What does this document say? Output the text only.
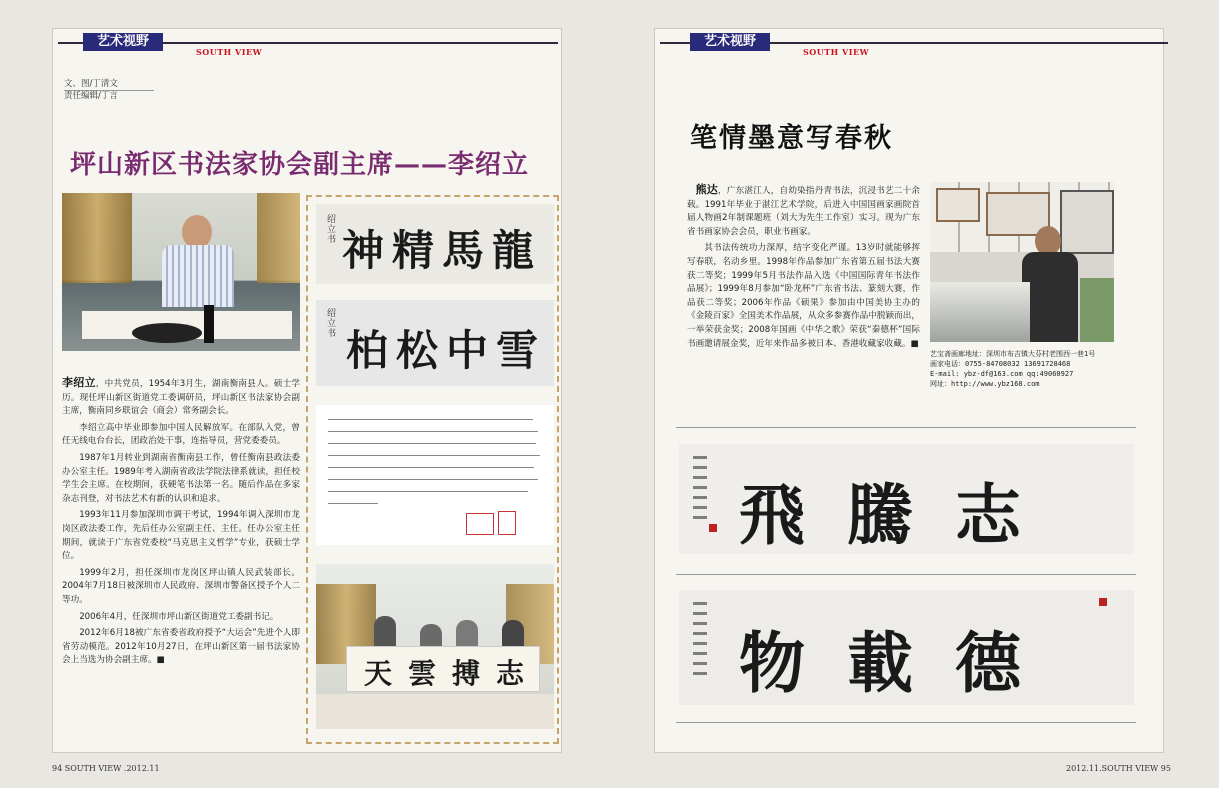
艺术视野
SOUTH VIEW
文、图/丁清文
责任编辑/丁言
坪山新区书法家协会副主席——李绍立

李绍立，中共党员，1954年3月生，湖南衡南县人。硕士学历。现任坪山新区街道党工委调研员，坪山新区书法家协会副主席，衡南同乡联谊会（商会）常务副会长。

李绍立高中毕业即参加中国人民解放军。在部队入党，曾任无线电台台长，团政治处干事，连指导员，营党委委员。

1987年1月转业到湖南省衡南县工作，曾任衡南县政法委办公室主任。1989年考入湖南省政法学院法律系就读，担任校学生会主席。在校期间，获硬笔书法第一名。随后作品在多家杂志刊登，对书法艺术有新的认识和追求。

1993年11月参加深圳市调干考试，1994年调入深圳市龙岗区政法委工作，先后任办公室副主任、主任。任办公室主任期间，就读于广东省党委校“马克思主义哲学”专业，获硕士学位。

1999年2月，担任深圳市龙岗区坪山镇人民武装部长。2004年7月18日被深圳市人民政府、深圳市警备区授予个人二等功。

2006年4月，任深圳市坪山新区街道党工委副书记。

2012年6月18被广东省委省政府授予“大运会”先进个人即省劳动模范。2012年10月27日，在坪山新区第一届书法家协会上当选为协会副主席。■

神精馬龍
绍立书
柏松中雪
绍立书
天雲搏志
94 SOUTH VIEW .2012.11
艺术视野
SOUTH VIEW
笔情墨意写春秋

熊达，广东湛江人，自幼染指丹青书法，沉浸书艺二十余载。1991年毕业于湛江艺术学院，后进入中国国画家画院首届人物画2年制课题班（刘大为先生工作室）实习。现为广东省书画家协会会员，职业书画家。

其书法传统功力深厚，结字变化严谨。13岁时就能够挥写春联，名动乡里。1998年作品参加广东省第五届书法大赛获二等奖；1999年5月书法作品入选《中国国际青年书法作品展》；1999年8月参加“卧龙杯”广东省书法、篆刻大赛，作品获二等奖；2006年作品《硕果》参加由中国美协主办的《金陵百家》全国美术作品展，从众多参赛作品中脱颖而出，一举荣获金奖；2008年国画《中华之歌》荣获“秦德杯”国际书画邀请展金奖，近年来作品多被日本、香港收藏家收藏。■

艺宝斋画廊地址：深圳市布吉镇大芬村老围西一巷1号
画家电话：0755-84708032 13691728468
E-mail: ybz-df@163.com qq:49060927
网址：http://www.ybz168.com
飛騰志
物載德
2012.11.SOUTH VIEW 95
